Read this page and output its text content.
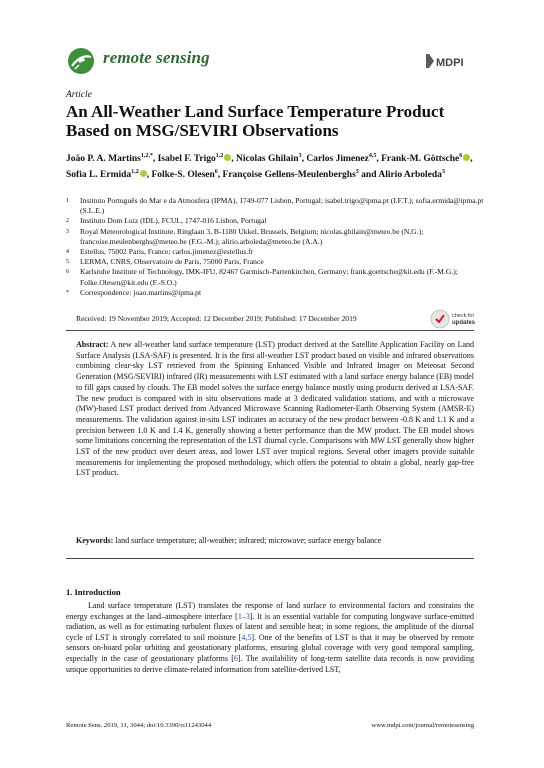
remote sensing	MDPI
Article
An All-Weather Land Surface Temperature Product Based on MSG/SEVIRI Observations
João P. A. Martins$^{1,2,*}$, Isabel F. Trigo$^{1,2}$ , Nicolas Ghilain$^3$, Carlos Jimenez$^{4,5}$, Frank-M. Göttsche$^6$ , Sofia L. Ermida$^{1,2}$ , Folke-S. Olesen$^6$, Françoise Gellens-Meulenberghs$^3$ and Alirio Arboleda$^3$
1	Instituto Português do Mar e da Atmosfera (IPMA), 1749-077 Lisbon, Portugal; isabel.trigo@ipma.pt (I.F.T.); sofia.ermida@ipma.pt (S.L.E.)
2	Instituto Dom Luiz (IDL), FCUL, 1747-016 Lisbon, Portugal
3	Royal Meteorological Institute, Ringlaan 3, B-1180 Ukkel, Brussels, Belgium; nicolas.ghilain@meteo.be (N.G.); francoise.meulenberghs@meteo.be (F.G.-M.); alirio.arboleda@meteo.be (A.A.)
4	Estellus, 75002 Paris, France; carlos.jimenez@estellus.fr
5	LERMA, CNRS, Observatoire de Paris, 75000 Paris, France
6	Karlsruhe Institute of Technology, IMK-IFU, 82467 Garmisch-Partenkirchen, Germany; frank.goettsche@kit.edu (F.-M.G.); Folke.Olesen@kit.edu (F.-S.O.)
*	Correspondence: joao.martins@ipma.pt
Received: 19 November 2019; Accepted: 12 December 2019; Published: 17 December 2019	check for
updates
Abstract: A new all-weather land surface temperature (LST) product derived at the Satellite Application Facility on Land Surface Analysis (LSA-SAF) is presented. It is the first all-weather LST product based on visible and infrared observations combining clear-sky LST retrieved from the Spinning Enhanced Visible and Infrared Imager on Meteosat Second Generation (MSG/SEVIRI) infrared (IR) measurements with LST estimated with a land surface energy balance (EB) model to fill gaps caused by clouds. The EB model solves the surface energy balance mostly using products derived at LSA-SAF. The new product is compared with in situ observations made at 3 dedicated validation stations, and with a microwave (MW)-based LST product derived from Advanced Microwave Scanning Radiometer-Earth Observing System (AMSR-E) measurements. The validation against in-situ LST indicates an accuracy of the new product between -0.8 K and 1.1 K and a precision between 1.0 K and 1.4 K, generally showing a better performance than the MW product. The EB model shows some limitations concerning the representation of the LST diurnal cycle. Comparisons with MW LST generally show higher LST of the new product over desert areas, and lower LST over tropical regions. Several other imagers provide suitable measurements for implementing the proposed methodology, which offers the potential to obtain a global, nearly gap-free LST product.
Keywords: land surface temperature; all-weather; infrared; microwave; surface energy balance
1. Introduction
Land surface temperature (LST) translates the response of land surface to environmental factors and constrains the energy exchanges at the land–atmosphere interface [1–3]. It is an essential variable for computing longwave surface-emitted radiation, as well as for estimating turbulent fluxes of latent and sensible heat; in some regions, the amplitude of the diurnal cycle of LST is strongly correlated to soil moisture [4,5]. One of the benefits of LST is that it may be observed by remote sensors on-board polar orbiting and geostationary platforms, ensuring global coverage with very good temporal sampling, especially in the case of geostationary platforms [6]. The availability of long-term satellite data records is now providing unique opportunities to derive climate-related information from satellite-derived LST,
Remote Sens. 2019, 11, 3044; doi:10.3390/rs11243044	www.mdpi.com/journal/remotesensing
